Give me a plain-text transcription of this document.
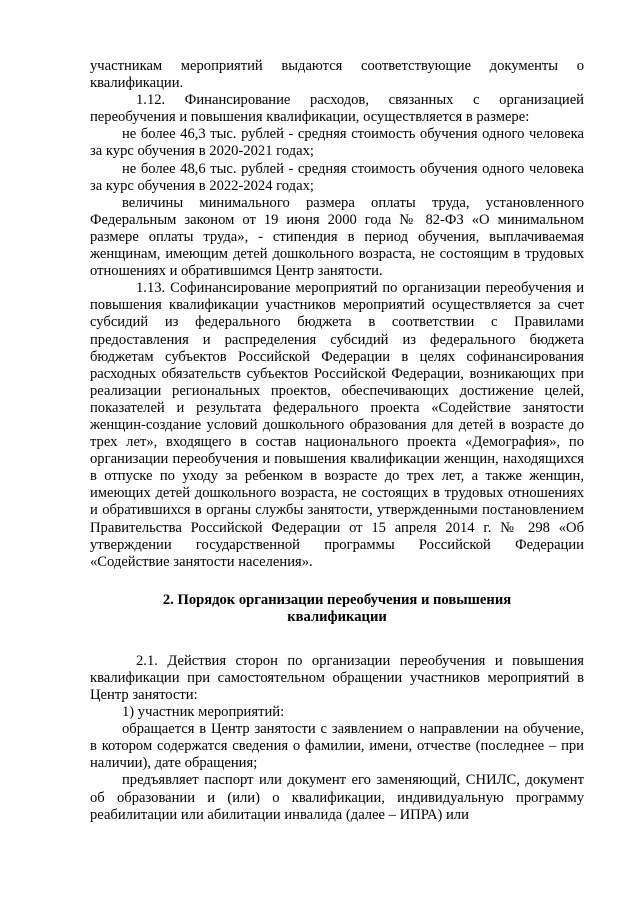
участникам мероприятий выдаются соответствующие документы о квалификации.

1.12. Финансирование расходов, связанных с организацией переобучения и повышения квалификации, осуществляется в размере:

не более 46,3 тыс. рублей - средняя стоимость обучения одного человека за курс обучения в 2020-2021 годах;

не более 48,6 тыс. рублей - средняя стоимость обучения одного человека за курс обучения в 2022-2024 годах;

величины минимального размера оплаты труда, установленного Федеральным законом от 19 июня 2000 года № 82-ФЗ «О минимальном размере оплаты труда», - стипендия в период обучения, выплачиваемая женщинам, имеющим детей дошкольного возраста, не состоящим в трудовых отношениях и обратившимся Центр занятости.

1.13. Софинансирование мероприятий по организации переобучения и повышения квалификации участников мероприятий осуществляется за счет субсидий из федерального бюджета в соответствии с Правилами предоставления и распределения субсидий из федерального бюджета бюджетам субъектов Российской Федерации в целях софинансирования расходных обязательств субъектов Российской Федерации, возникающих при реализации региональных проектов, обеспечивающих достижение целей, показателей и результата федерального проекта «Содействие занятости женщин-создание условий дошкольного образования для детей в возрасте до трех лет», входящего в состав национального проекта «Демография», по организации переобучения и повышения квалификации женщин, находящихся в отпуске по уходу за ребенком в возрасте до трех лет, а также женщин, имеющих детей дошкольного возраста, не состоящих в трудовых отношениях и обратившихся в органы службы занятости, утвержденными постановлением Правительства Российской Федерации от 15 апреля 2014 г. № 298 «Об утверждении государственной программы Российской Федерации «Содействие занятости населения».

2. Порядок организации переобучения и повышения
квалификации

2.1. Действия сторон по организации переобучения и повышения квалификации при самостоятельном обращении участников мероприятий в Центр занятости:

1) участник мероприятий:

обращается в Центр занятости с заявлением о направлении на обучение, в котором содержатся сведения о фамилии, имени, отчестве (последнее – при наличии), дате обращения;

предъявляет паспорт или документ его заменяющий, СНИЛС, документ об образовании и (или) о квалификации, индивидуальную программу реабилитации или абилитации инвалида (далее – ИПРА) или
